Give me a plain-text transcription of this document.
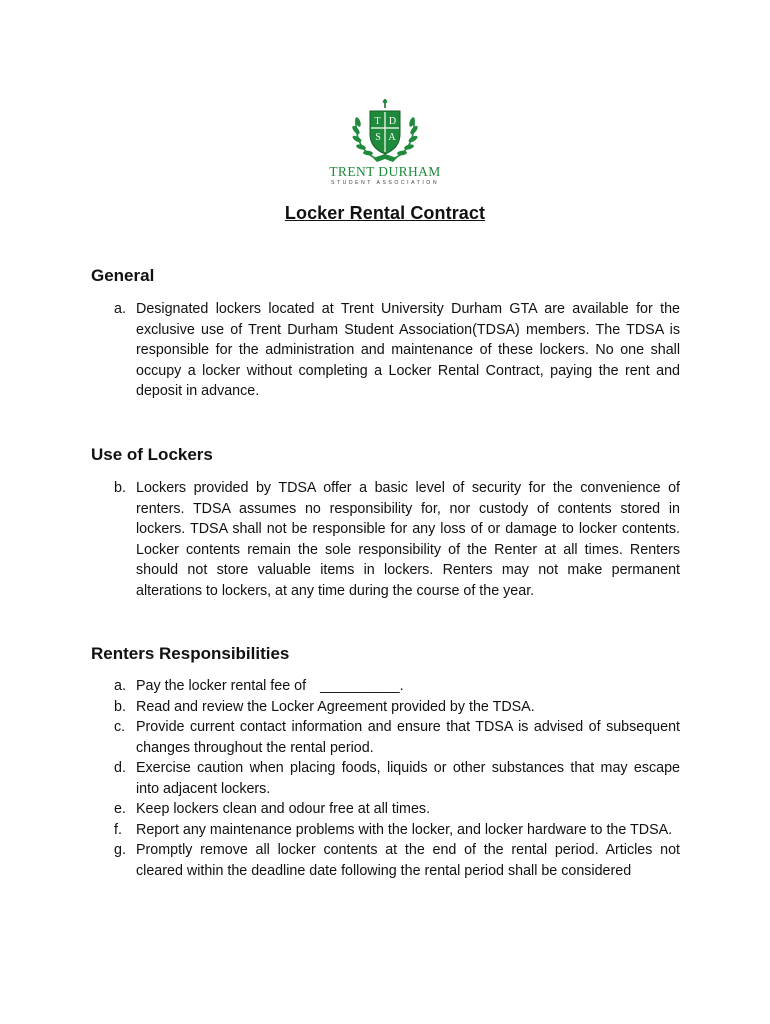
T D
S A
TRENT DURHAM
STUDENT ASSOCIATION
Locker Rental Contract
General
a. Designated lockers located at Trent University Durham GTA are available for the exclusive use of Trent Durham Student Association(TDSA) members. The TDSA is responsible for the administration and maintenance of these lockers. No one shall occupy a locker without completing a Locker Rental Contract, paying the rent and deposit in advance.
Use of Lockers
b. Lockers provided by TDSA offer a basic level of security for the convenience of renters. TDSA assumes no responsibility for, nor custody of contents stored in lockers. TDSA shall not be responsible for any loss of or damage to locker contents. Locker contents remain the sole responsibility of the Renter at all times. Renters should not store valuable items in lockers. Renters may not make permanent alterations to lockers, at any time during the course of the year.
Renters Responsibilities
a. Pay the locker rental fee of __________.
b. Read and review the Locker Agreement provided by the TDSA.
c. Provide current contact information and ensure that TDSA is advised of subsequent changes throughout the rental period.
d. Exercise caution when placing foods, liquids or other substances that may escape into adjacent lockers.
e. Keep lockers clean and odour free at all times.
f. Report any maintenance problems with the locker, and locker hardware to the TDSA.
g. Promptly remove all locker contents at the end of the rental period. Articles not cleared within the deadline date following the rental period shall be considered
